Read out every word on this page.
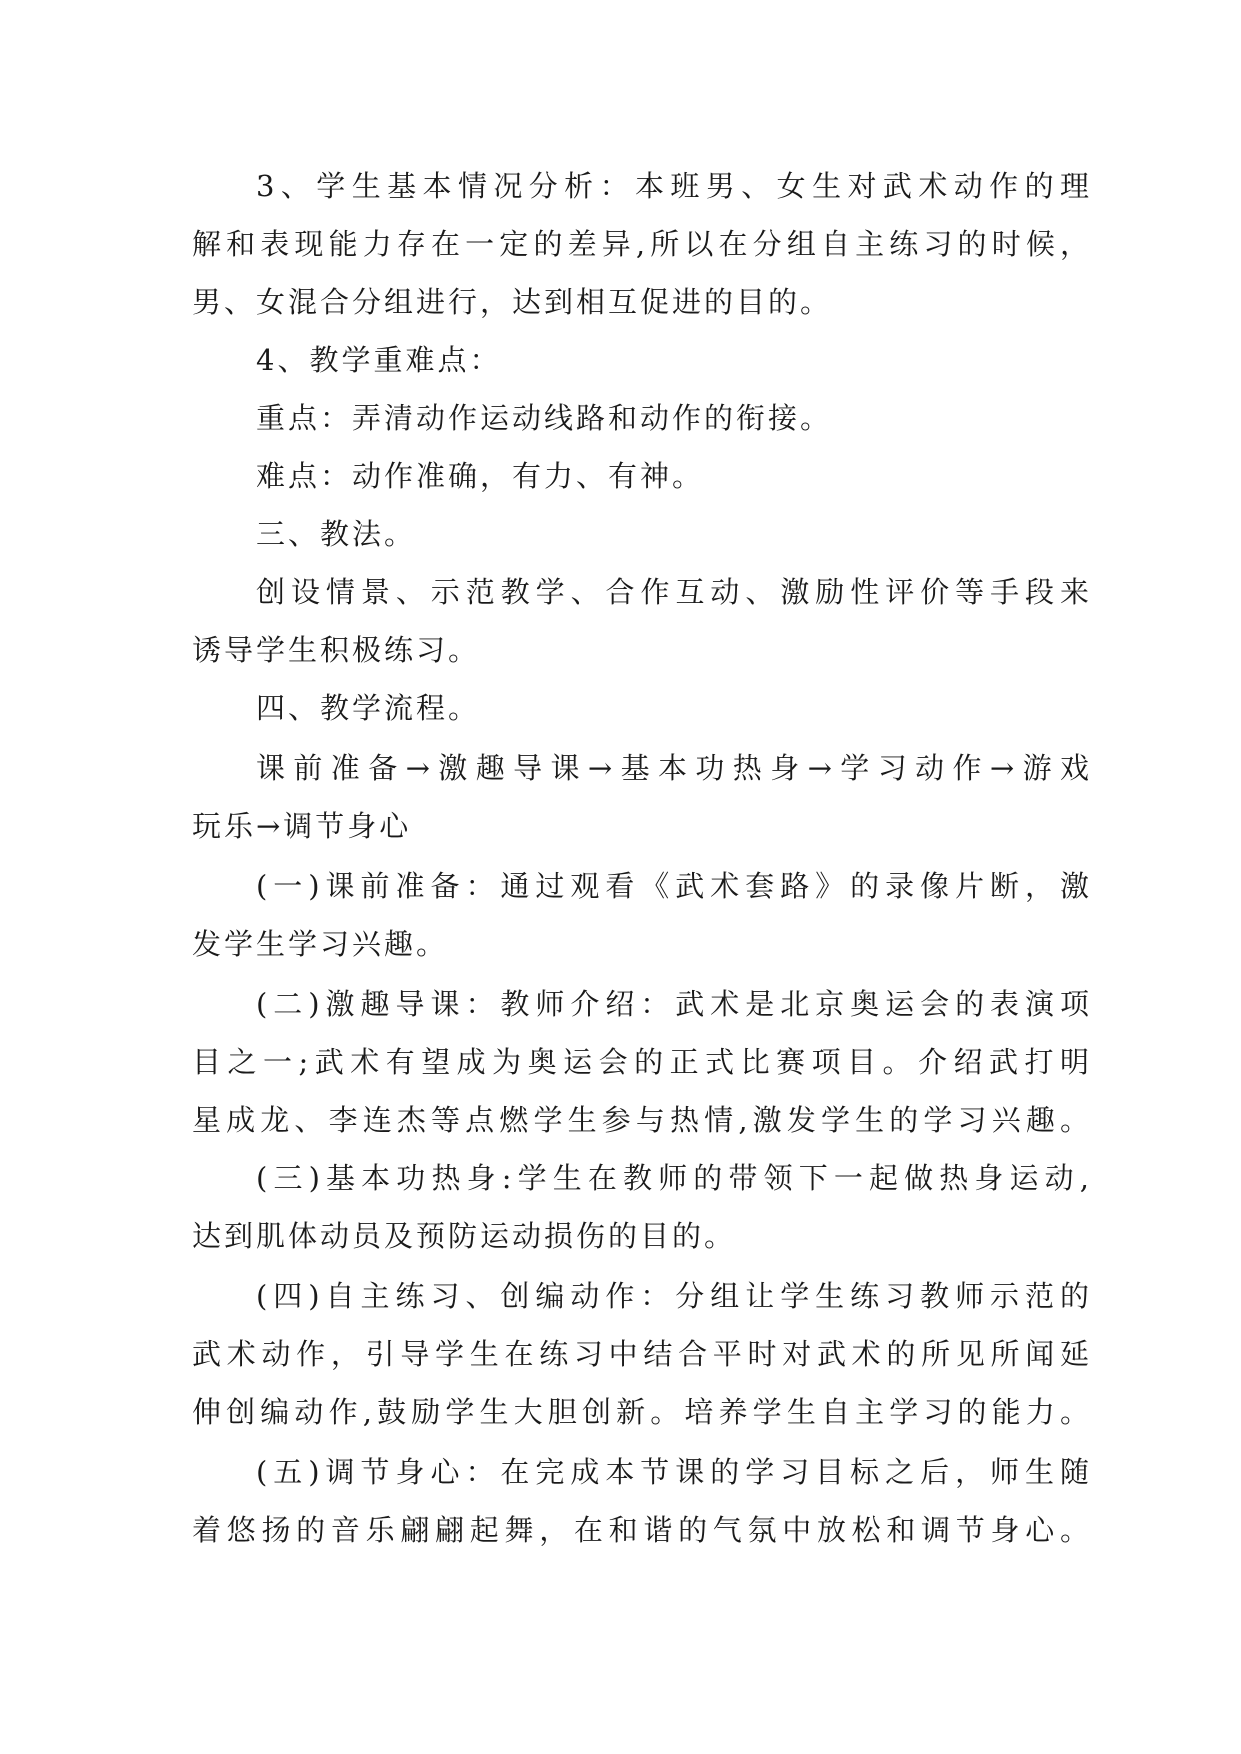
3、学生基本情况分析：本班男、女生对武术动作的理
解和表现能力存在一定的差异,所以在分组自主练习的时候，
男、女混合分组进行，达到相互促进的目的。
4、教学重难点：
重点：弄清动作运动线路和动作的衔接。
难点：动作准确，有力、有神。
三、教法。
创设情景、示范教学、合作互动、激励性评价等手段来
诱导学生积极练习。
四、教学流程。
课前准备→激趣导课→基本功热身→学习动作→游戏
玩乐→调节身心
(一)课前准备：通过观看《武术套路》的录像片断，激
发学生学习兴趣。
(二)激趣导课：教师介绍：武术是北京奥运会的表演项
目之一;武术有望成为奥运会的正式比赛项目。介绍武打明
星成龙、李连杰等点燃学生参与热情,激发学生的学习兴趣。
(三)基本功热身:学生在教师的带领下一起做热身运动,
达到肌体动员及预防运动损伤的目的。
(四)自主练习、创编动作：分组让学生练习教师示范的
武术动作，引导学生在练习中结合平时对武术的所见所闻延
伸创编动作,鼓励学生大胆创新。培养学生自主学习的能力。
(五)调节身心：在完成本节课的学习目标之后，师生随
着悠扬的音乐翩翩起舞，在和谐的气氛中放松和调节身心。
